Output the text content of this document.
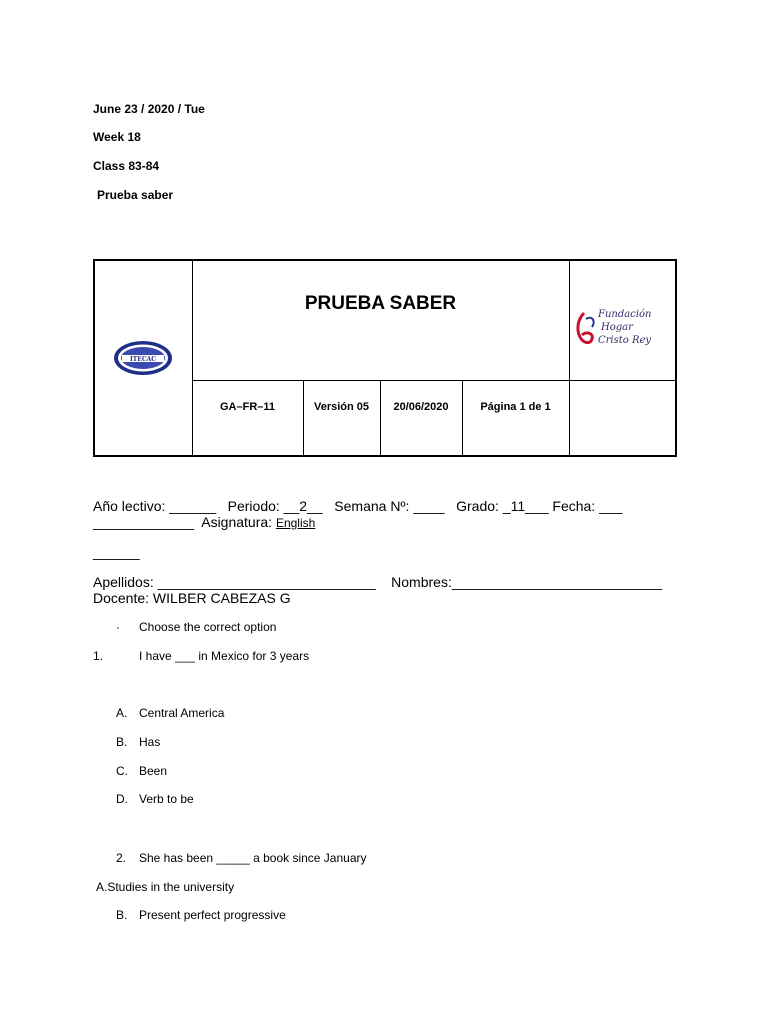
June 23 / 2020 / Tue
Week 18
Class 83-84
Prueba saber
ITECAC	PRUEBA SABER				Fundación
Hogar
Cristo Rey

	GA–FR–11	Versión 05	20/06/2020	Página 1 de 1	

Año lectivo: ______   Periodo: __2__   Semana Nº: ____   Grado: _11___ Fecha: ___
_____________  Asignatura: English
______
Apellidos: ____________________________    Nombres:___________________________
Docente: WILBER CABEZAS G
· Choose the correct option
1.	I have ___ in Mexico for 3 years
A. Central America
B. Has
C. Been
D. Verb to be
2. She has been _____ a book since January
A.Studies in the university
B. Present perfect progressive
